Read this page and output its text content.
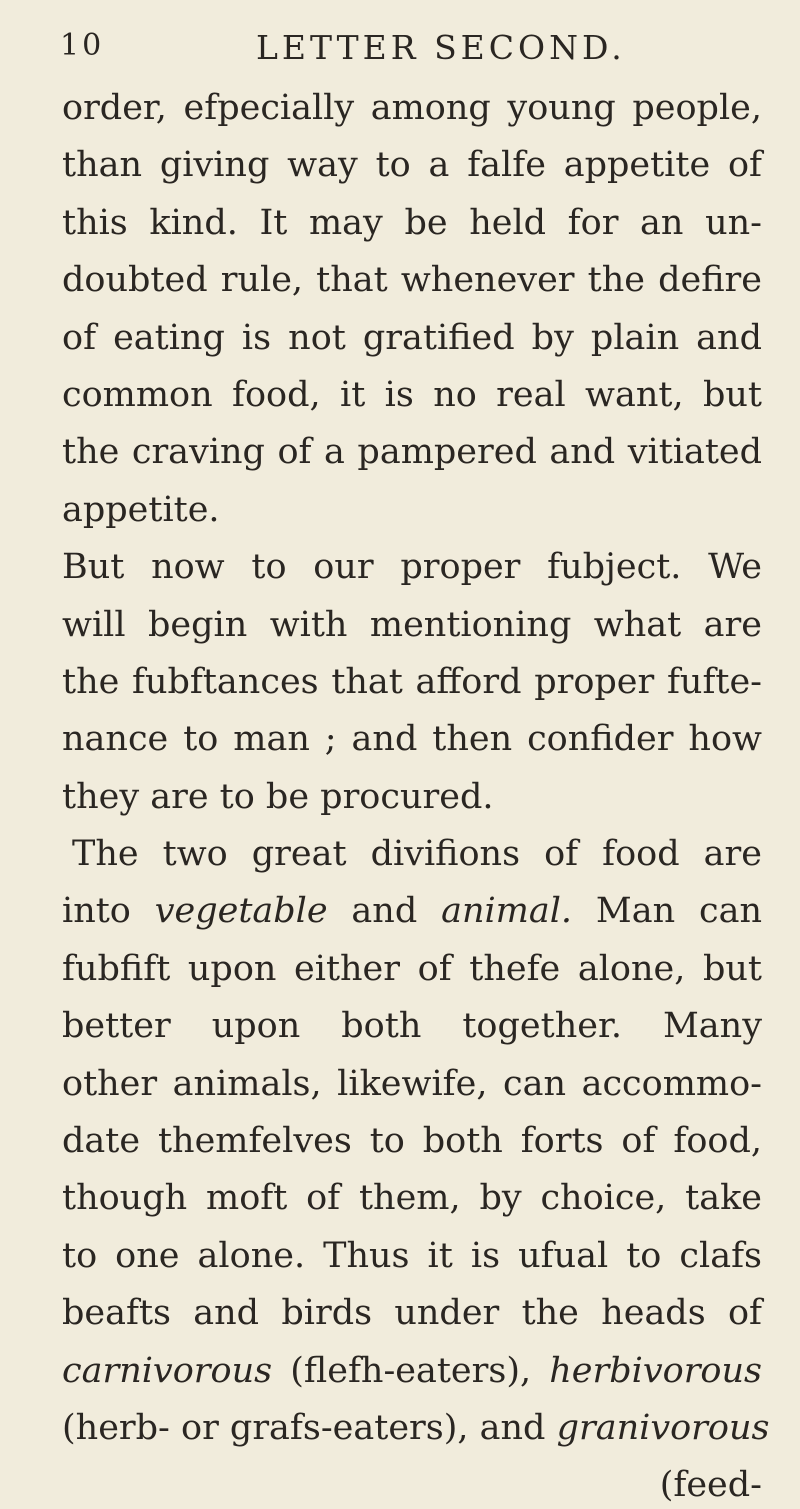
10	LETTER SECOND.
order, efpecially among young people,
than giving way to a falfe appetite of
this kind. It may be held for an un-
doubted rule, that whenever the defire
of eating is not gratified by plain and
common food, it is no real want, but
the craving of a pampered and vitiated
appetite.
But now to our proper fubject. We
will begin with mentioning what are
the fubftances that afford proper fufte-
nance to man ; and then confider how
they are to be procured.
The two great divifions of food are
into vegetable and animal. Man can
fubfift upon either of thefe alone, but
better upon both together. Many
other animals, likewife, can accommo-
date themfelves to both forts of food,
though moft of them, by choice, take
to one alone. Thus it is ufual to clafs
beafts and birds under the heads of
carnivorous (flefh-eaters), herbivorous
(herb- or grafs-eaters), and granivorous
(feed-
